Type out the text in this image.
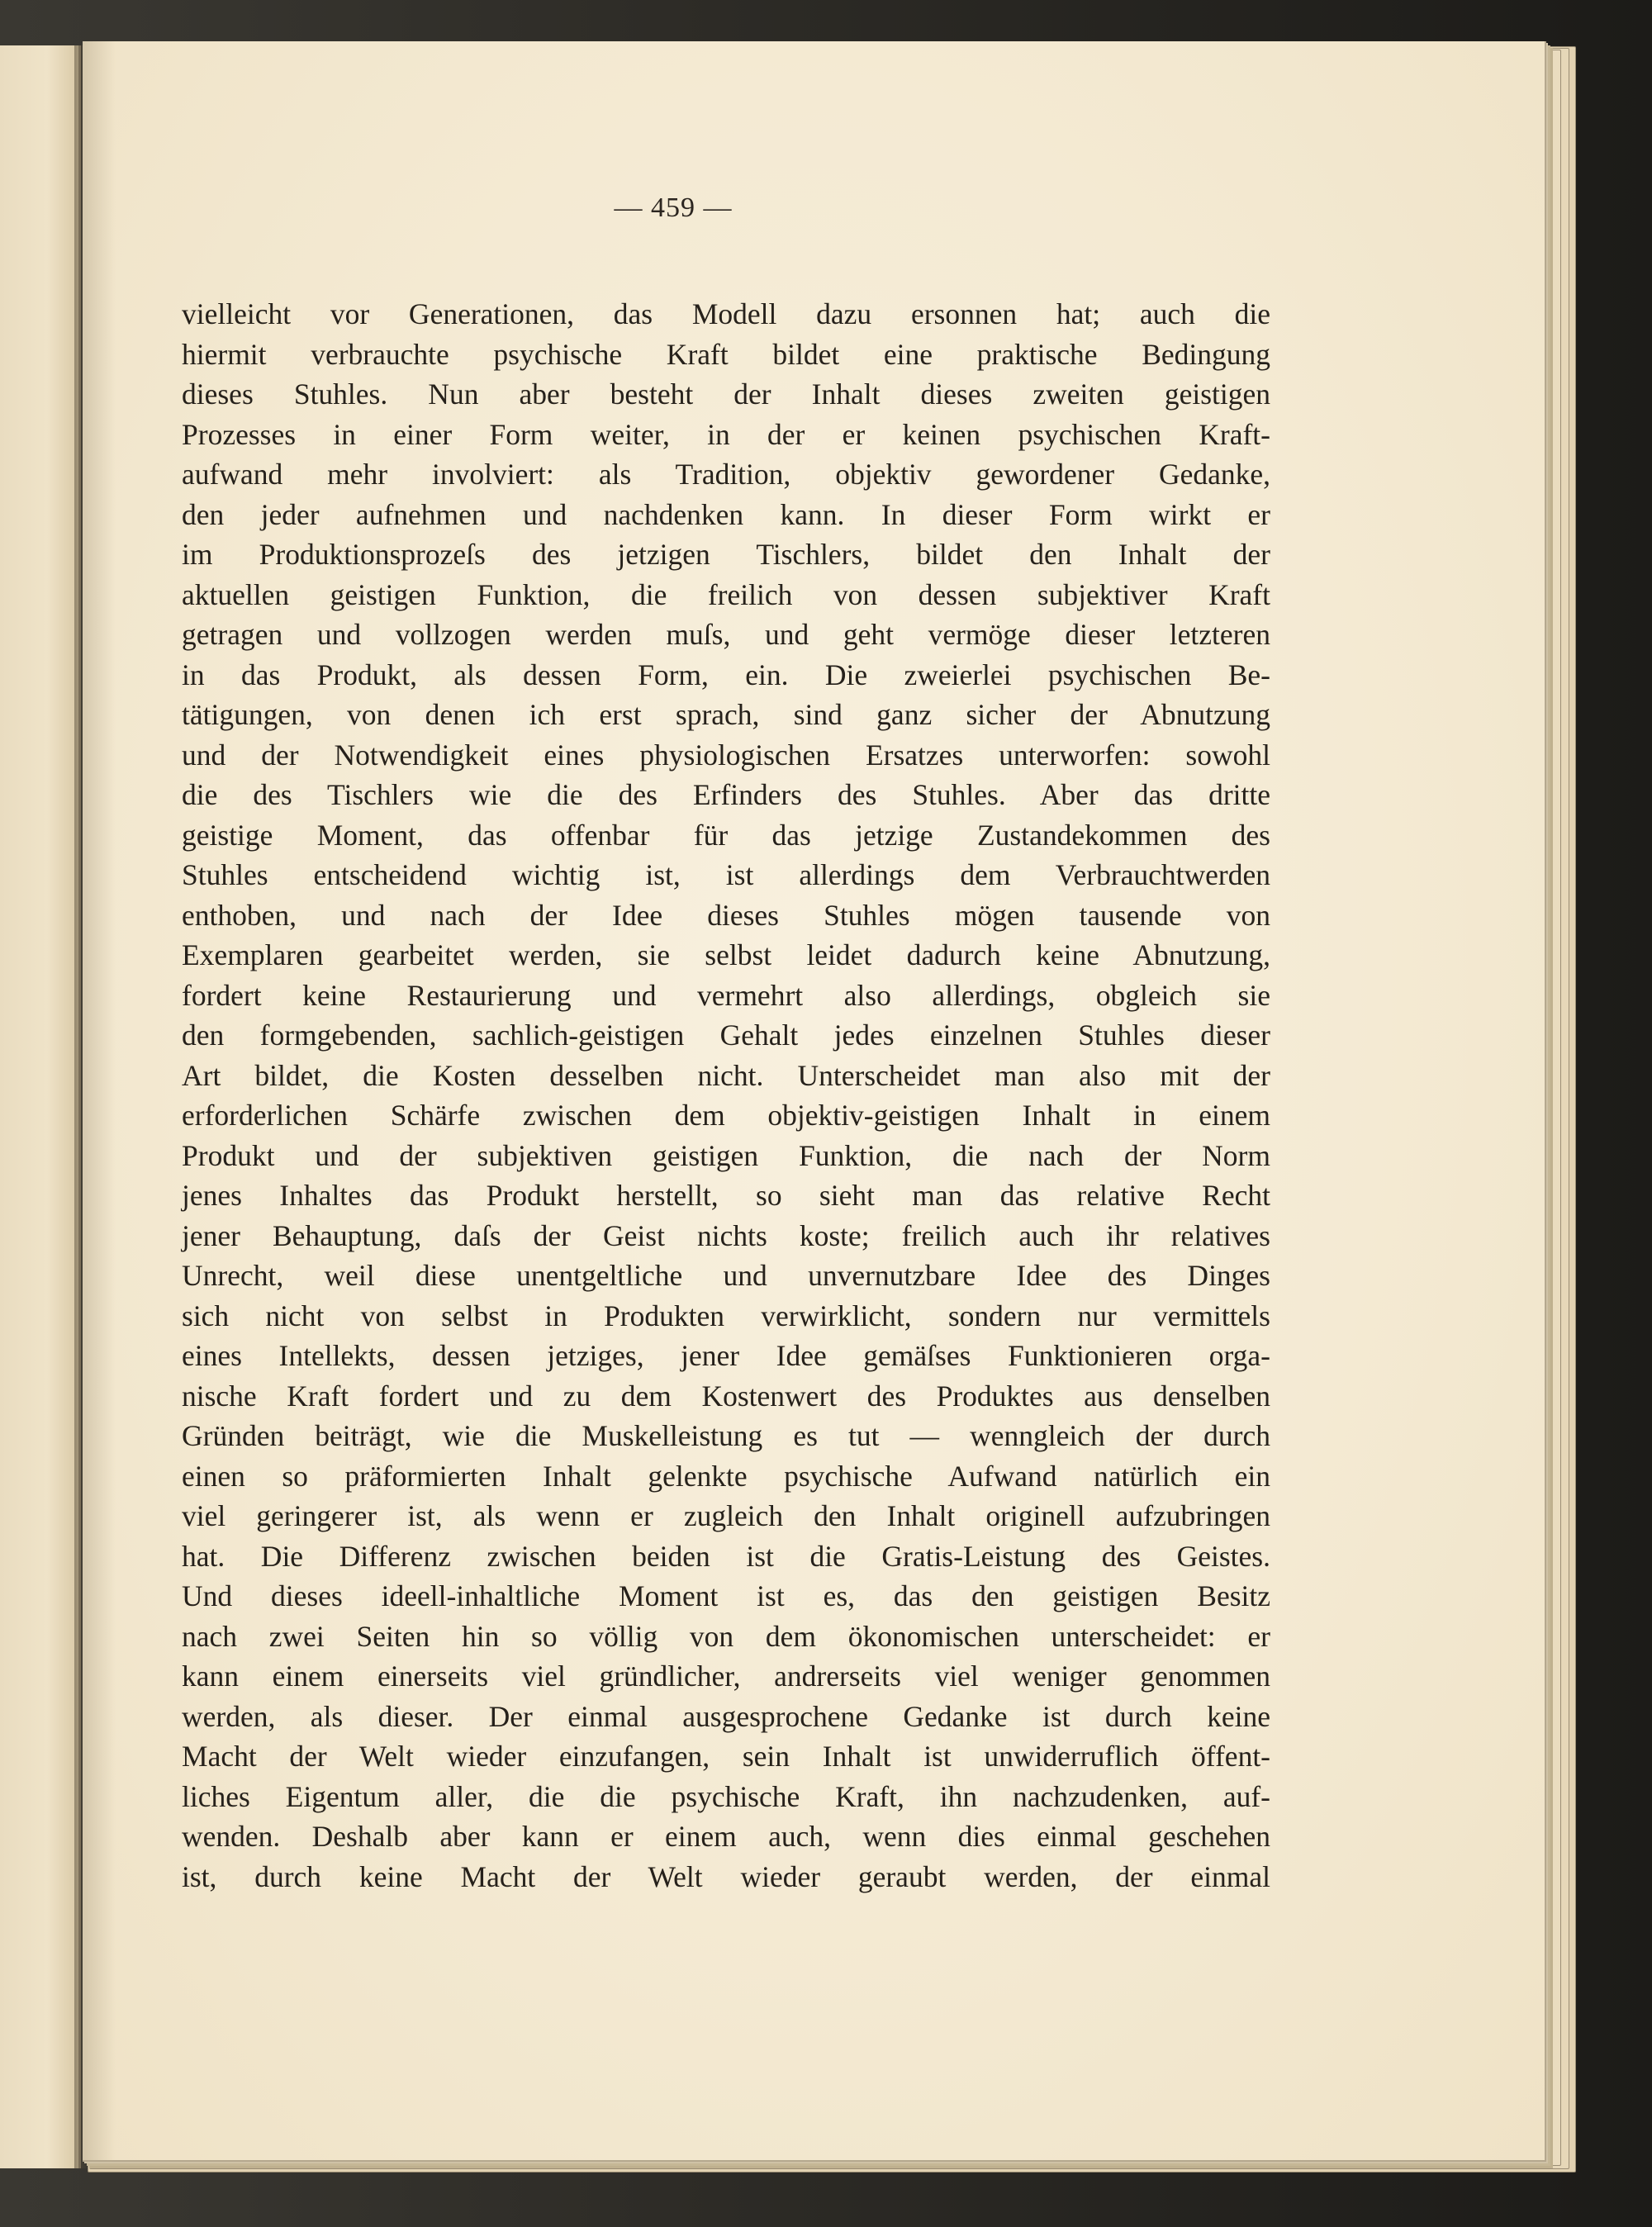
— 459 —
vielleicht vor Generationen, das Modell dazu ersonnen hat; auch die
hiermit verbrauchte psychische Kraft bildet eine praktische Bedingung
dieses Stuhles. Nun aber besteht der Inhalt dieses zweiten geistigen
Prozesses in einer Form weiter, in der er keinen psychischen Kraft-
aufwand mehr involviert: als Tradition, objektiv gewordener Gedanke,
den jeder aufnehmen und nachdenken kann. In dieser Form wirkt er
im Produktionsprozeſs des jetzigen Tischlers, bildet den Inhalt der
aktuellen geistigen Funktion, die freilich von dessen subjektiver Kraft
getragen und vollzogen werden muſs, und geht vermöge dieser letzteren
in das Produkt, als dessen Form, ein. Die zweierlei psychischen Be-
tätigungen, von denen ich erst sprach, sind ganz sicher der Abnutzung
und der Notwendigkeit eines physiologischen Ersatzes unterworfen: sowohl
die des Tischlers wie die des Erfinders des Stuhles. Aber das dritte
geistige Moment, das offenbar für das jetzige Zustandekommen des
Stuhles entscheidend wichtig ist, ist allerdings dem Verbrauchtwerden
enthoben, und nach der Idee dieses Stuhles mögen tausende von
Exemplaren gearbeitet werden, sie selbst leidet dadurch keine Abnutzung,
fordert keine Restaurierung und vermehrt also allerdings, obgleich sie
den formgebenden, sachlich-geistigen Gehalt jedes einzelnen Stuhles dieser
Art bildet, die Kosten desselben nicht. Unterscheidet man also mit der
erforderlichen Schärfe zwischen dem objektiv-geistigen Inhalt in einem
Produkt und der subjektiven geistigen Funktion, die nach der Norm
jenes Inhaltes das Produkt herstellt, so sieht man das relative Recht
jener Behauptung, daſs der Geist nichts koste; freilich auch ihr relatives
Unrecht, weil diese unentgeltliche und unvernutzbare Idee des Dinges
sich nicht von selbst in Produkten verwirklicht, sondern nur vermittels
eines Intellekts, dessen jetziges, jener Idee gemäſses Funktionieren orga-
nische Kraft fordert und zu dem Kostenwert des Produktes aus denselben
Gründen beiträgt, wie die Muskelleistung es tut — wenngleich der durch
einen so präformierten Inhalt gelenkte psychische Aufwand natürlich ein
viel geringerer ist, als wenn er zugleich den Inhalt originell aufzubringen
hat. Die Differenz zwischen beiden ist die Gratis-Leistung des Geistes.
Und dieses ideell-inhaltliche Moment ist es, das den geistigen Besitz
nach zwei Seiten hin so völlig von dem ökonomischen unterscheidet: er
kann einem einerseits viel gründlicher, andrerseits viel weniger genommen
werden, als dieser. Der einmal ausgesprochene Gedanke ist durch keine
Macht der Welt wieder einzufangen, sein Inhalt ist unwiderruflich öffent-
liches Eigentum aller, die die psychische Kraft, ihn nachzudenken, auf-
wenden. Deshalb aber kann er einem auch, wenn dies einmal geschehen
ist, durch keine Macht der Welt wieder geraubt werden, der einmal
